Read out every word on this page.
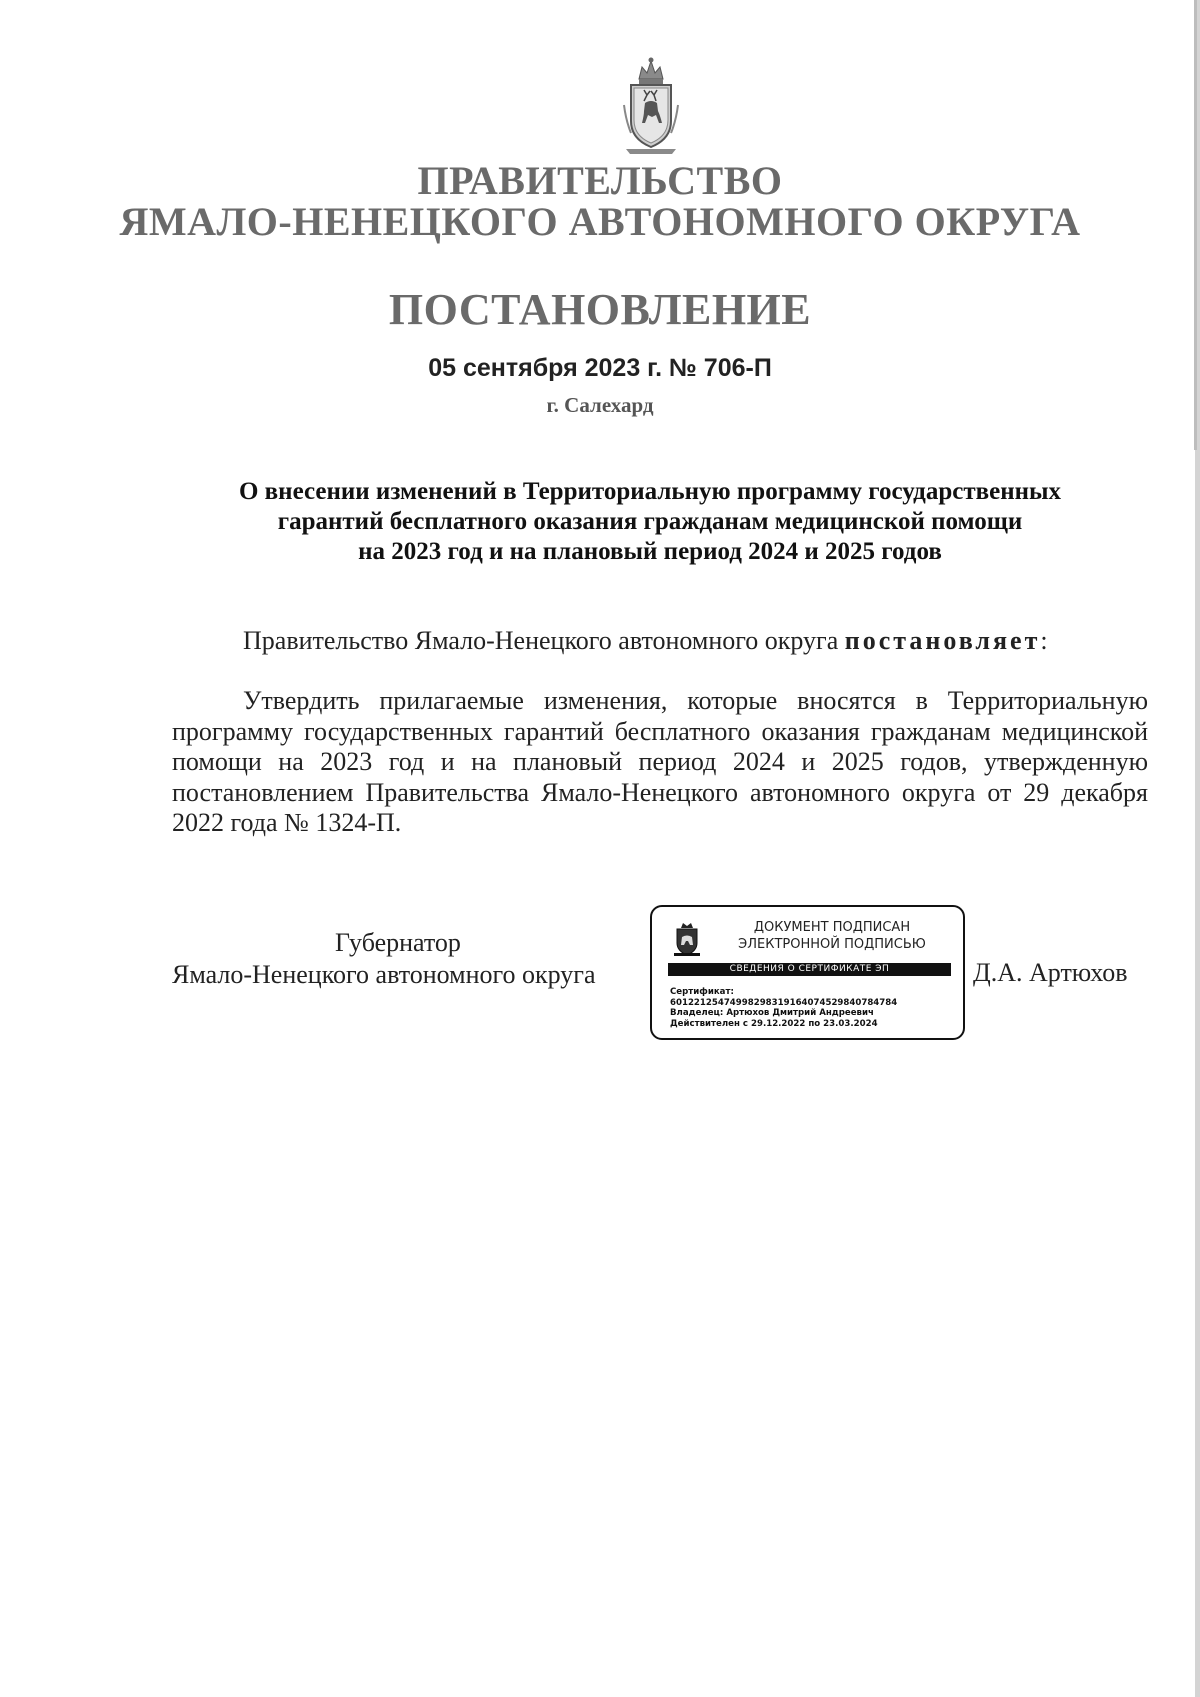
ПРАВИТЕЛЬСТВО
ЯМАЛО-НЕНЕЦКОГО АВТОНОМНОГО ОКРУГА
ПОСТАНОВЛЕНИЕ
05 сентября 2023 г. № 706-П
г. Салехард
О внесении изменений в Территориальную программу государственных
гарантий бесплатного оказания гражданам медицинской помощи
на 2023 год и на плановый период 2024 и 2025 годов
Правительство Ямало-Ненецкого автономного округа постановляет:
Утвердить прилагаемые изменения, которые вносятся в Территориальную программу государственных гарантий бесплатного оказания гражданам медицинской помощи на 2023 год и на плановый период 2024 и 2025 годов, утвержденную постановлением Правительства Ямало-Ненецкого автономного округа от 29 декабря 2022 года № 1324-П.
Губернатор
Ямало-Ненецкого автономного округа	Д.А. Артюхов
ДОКУМЕНТ ПОДПИСАН
ЭЛЕКТРОННОЙ ПОДПИСЬЮ
СВЕДЕНИЯ О СЕРТИФИКАТЕ ЭП
Сертификат:
6012212547499829831916407452984078478​4
Владелец: Артюхов Дмитрий Андреевич
Действителен с 29.12.2022 по 23.03.2024
